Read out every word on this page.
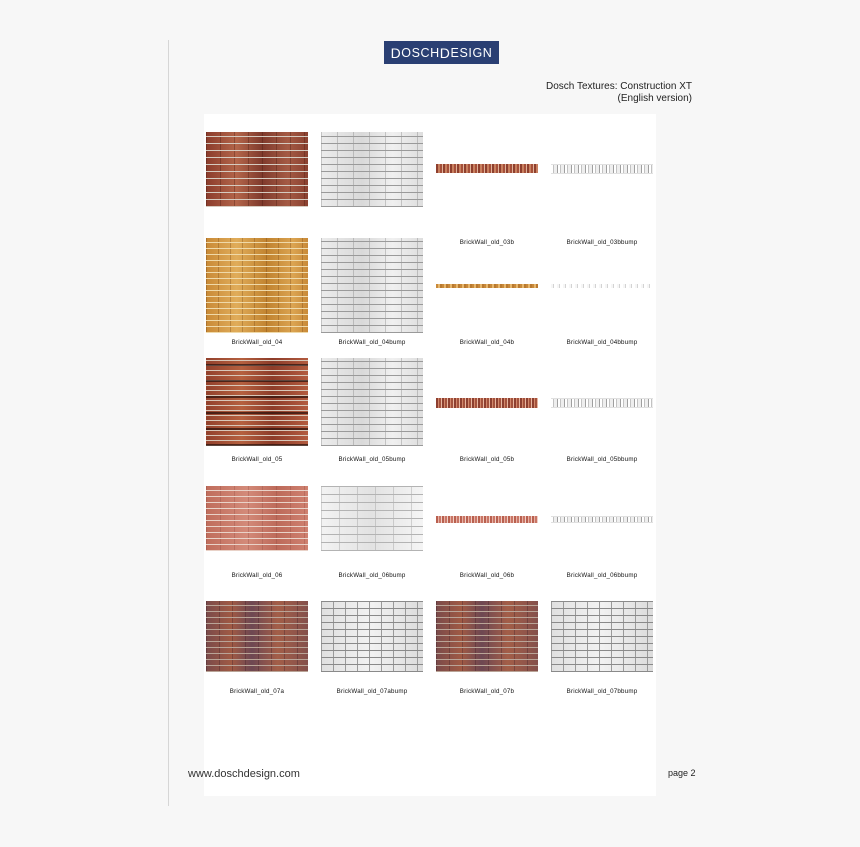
D OSCH D ESIGN
Dosch Textures: Construction XT
(English version)
BrickWall_old_03b	BrickWall_old_03bbump
BrickWall_old_04	BrickWall_old_04bump	BrickWall_old_04b	BrickWall_old_04bbump
BrickWall_old_05	BrickWall_old_05bump	BrickWall_old_05b	BrickWall_old_05bbump
BrickWall_old_06	BrickWall_old_06bump	BrickWall_old_06b	BrickWall_old_06bbump
BrickWall_old_07a	BrickWall_old_07abump	BrickWall_old_07b	BrickWall_old_07bbump
www.doschdesign.com	page 2
